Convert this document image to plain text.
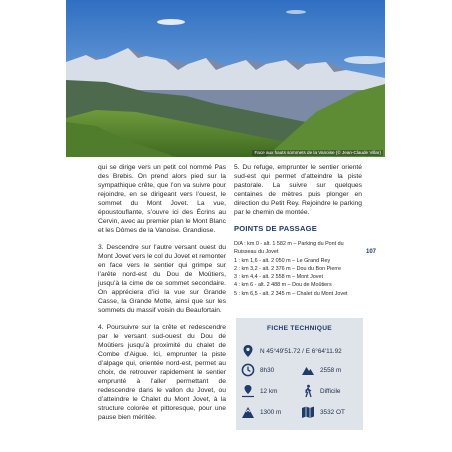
Face aux hauts sommets de la Vanoise (© Jean-Claude Villar)

qui se dirige vers un petit col nommé Pas des Brebis. On prend alors pied sur la sympathique crête, que l’on va suivre pour rejoindre, en se dirigeant vers l’ouest, le sommet du Mont Jovet. La vue, époustouflante, s’ouvre ici des Écrins au Cervin, avec au premier plan le Mont Blanc et les Dômes de la Vanoise. Grandiose.

3. Descendre sur l’autre versant ouest du Mont Jovet vers le col du Jovet et remonter en face vers le sentier qui grimpe sur l’arête nord-est du Dou de Moûtiers, jusqu’à la cime de ce sommet secondaire. On appréciera d’ici la vue sur Grande Casse, la Grande Motte, ainsi que sur les sommets du massif voisin du Beaufortain.

4. Poursuivre sur la crête et redescendre par le versant sud-ouest du Dou de Moûtiers jusqu’à proximité du chalet de Combe d’Aigue. Ici, emprunter la piste d’alpage qui, orientée nord-est, permet au choix, de retrouver rapidement le sentier emprunté à l’aller permettant de redescendre dans le vallon du Jovet, ou d’atteindre le Chalet du Mont Jovet, à la structure colorée et pittoresque, pour une pause bien méritée.

5. Du refuge, emprunter le sentier orienté sud-est qui permet d’atteindre la piste pastorale. La suivre sur quelques centaines de mètres puis plonger en direction du Petit Rey. Rejoindre le parking par le chemin de montée.

POINTS DE PASSAGE
D/A : km 0 - alt. 1 582 m – Parking du Pont du
Ruisseau du Jovet
1 : km 1,6 - alt. 2 050 m – Le Grand Rey
2 : km 3,2 - alt. 2 376 m – Dou du Bon Pierre
3 : km 4,4 - alt. 2 558 m – Mont Jovet
4 : km 6 - alt. 2 488 m – Dou de Moûtiers
5 : km 6,5 - alt. 2 345 m – Chalet du Mont Jovet
107
FICHE TECHNIQUE
N 45°49'51.72 / E 6°64'11.92
8h30	2558 m
12 km	Difficile
1300 m	3532 OT
